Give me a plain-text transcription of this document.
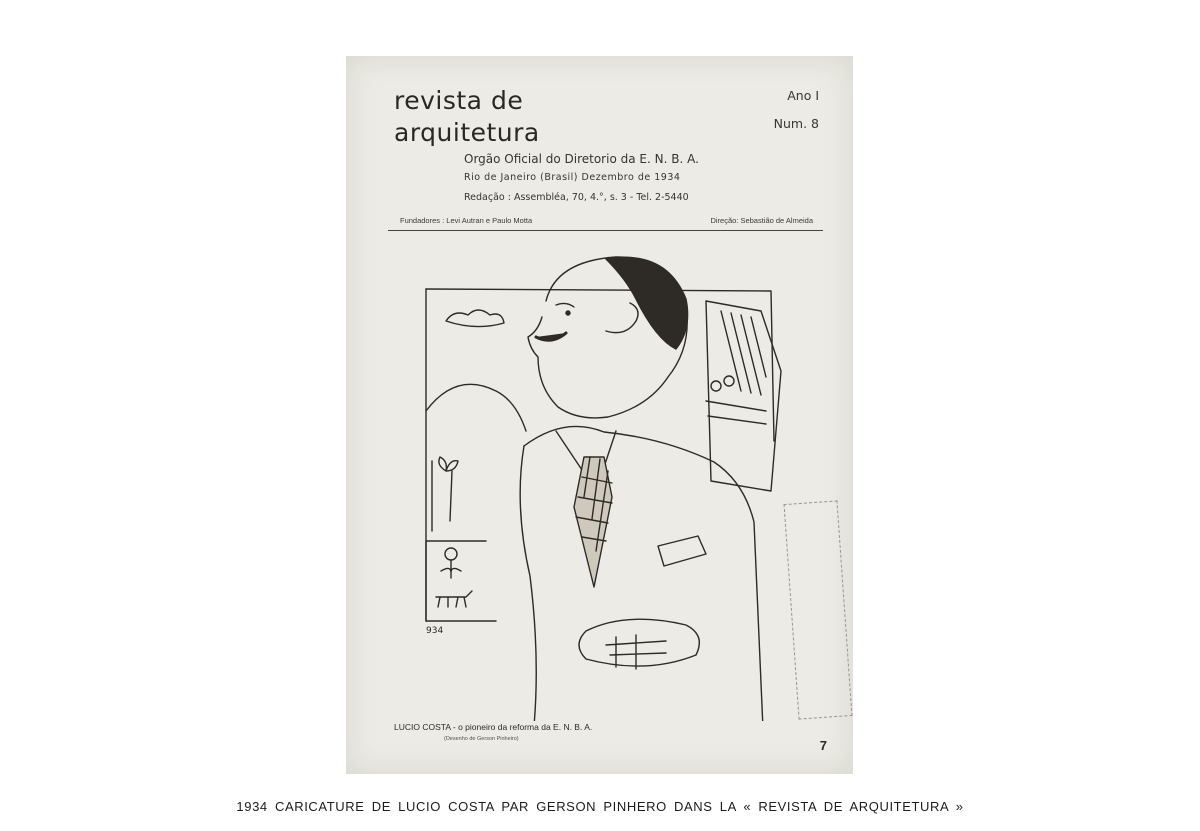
revista de
arquitetura
Ano I
Num. 8
Orgão Oficial do Diretorio da E. N. B. A.
Rio de Janeiro (Brasil) Dezembro de 1934
Redação : Assembléa, 70, 4.°, s. 3 - Tel. 2-5440
Fundadores : Levi Autran e Paulo Motta	Direção: Sebastião de Almeida
934
LUCIO COSTA - o pioneiro da reforma da E. N. B. A.
(Desenho de Gerson Pinheiro)	7
1934 CARICATURE DE LUCIO COSTA PAR GERSON PINHERO DANS LA « REVISTA DE ARQUITETURA »
